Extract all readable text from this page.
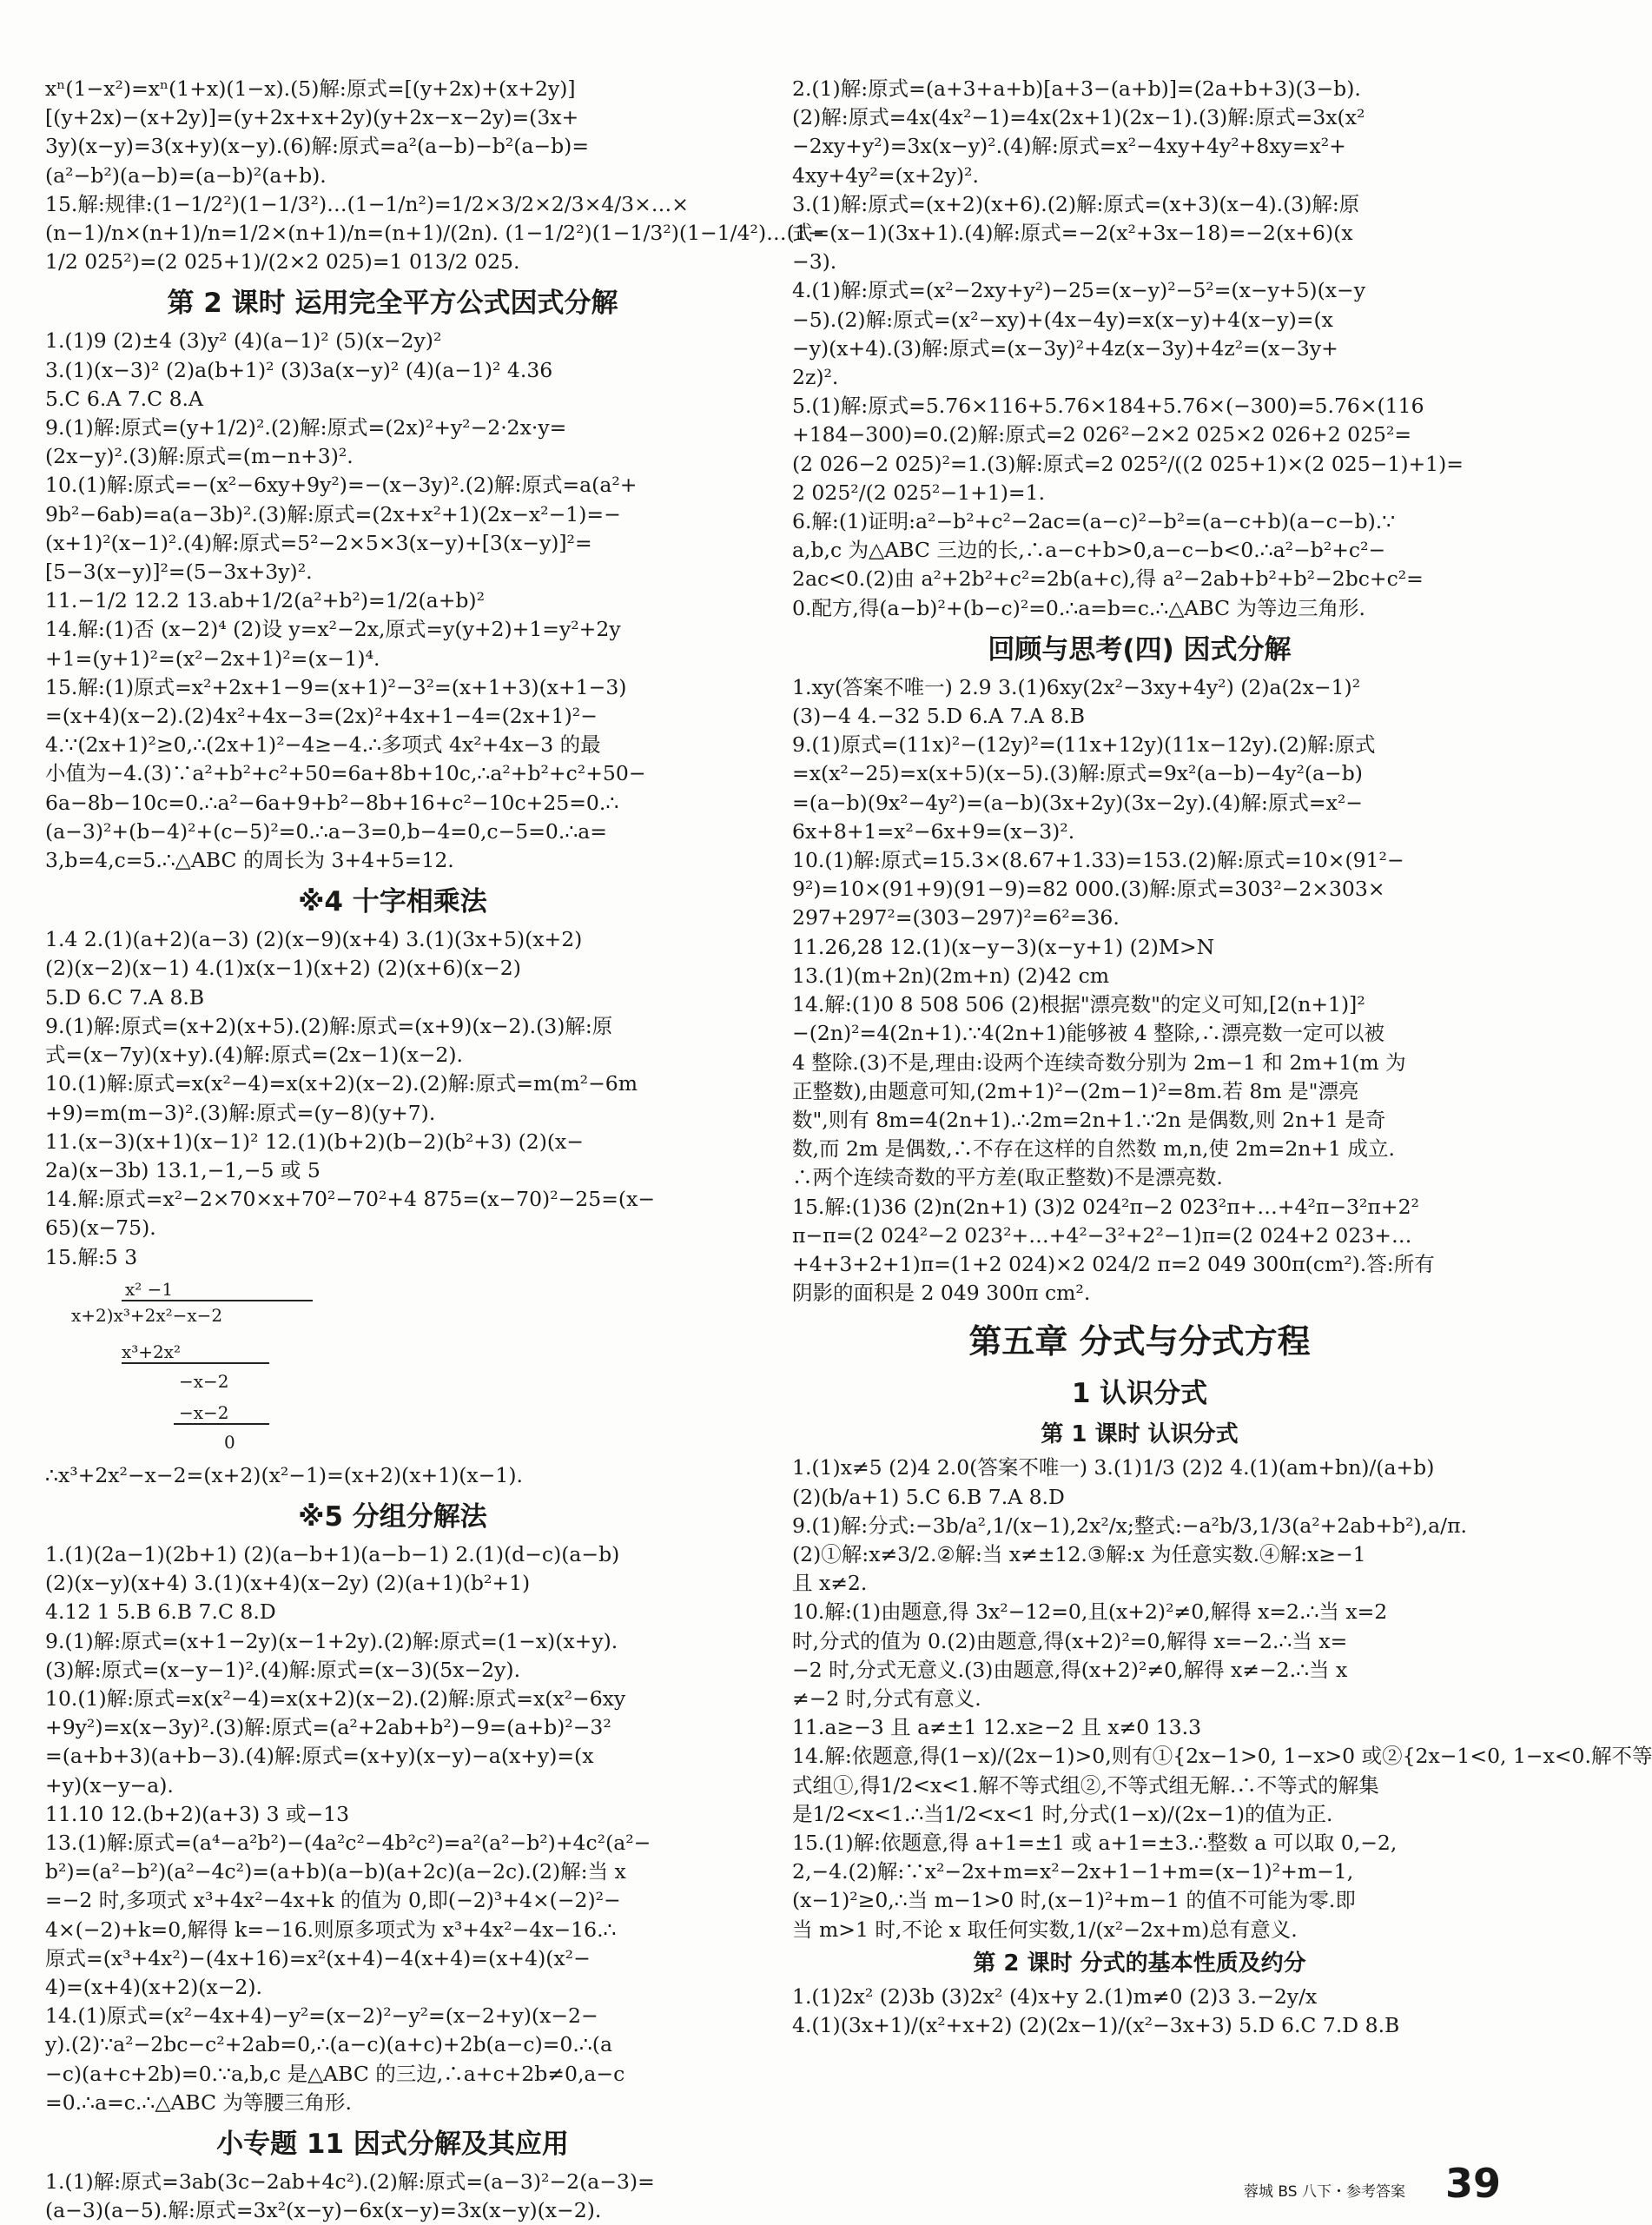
xⁿ(1−x²)=xⁿ(1+x)(1−x).(5)解:原式=[(y+2x)+(x+2y)]
[(y+2x)−(x+2y)]=(y+2x+x+2y)(y+2x−x−2y)=(3x+
3y)(x−y)=3(x+y)(x−y).(6)解:原式=a²(a−b)−b²(a−b)=
(a²−b²)(a−b)=(a−b)²(a+b).
15.解:规律:(1−1/2²)(1−1/3²)…(1−1/n²)=1/2×3/2×2/3×4/3×…×
(n−1)/n×(n+1)/n=1/2×(n+1)/n=(n+1)/(2n). (1−1/2²)(1−1/3²)(1−1/4²)…(1−
1/2 025²)=(2 025+1)/(2×2 025)=1 013/2 025.
第 2 课时 运用完全平方公式因式分解
1.(1)9 (2)±4 (3)y² (4)(a−1)² (5)(x−2y)²
3.(1)(x−3)² (2)a(b+1)² (3)3a(x−y)² (4)(a−1)² 4.36
5.C 6.A 7.C 8.A
9.(1)解:原式=(y+1/2)².(2)解:原式=(2x)²+y²−2·2x·y=
(2x−y)².(3)解:原式=(m−n+3)².
10.(1)解:原式=−(x²−6xy+9y²)=−(x−3y)².(2)解:原式=a(a²+
9b²−6ab)=a(a−3b)².(3)解:原式=(2x+x²+1)(2x−x²−1)=−
(x+1)²(x−1)².(4)解:原式=5²−2×5×3(x−y)+[3(x−y)]²=
[5−3(x−y)]²=(5−3x+3y)².
11.−1/2 12.2 13.ab+1/2(a²+b²)=1/2(a+b)²
14.解:(1)否 (x−2)⁴ (2)设 y=x²−2x,原式=y(y+2)+1=y²+2y
+1=(y+1)²=(x²−2x+1)²=(x−1)⁴.
15.解:(1)原式=x²+2x+1−9=(x+1)²−3²=(x+1+3)(x+1−3)
=(x+4)(x−2).(2)4x²+4x−3=(2x)²+4x+1−4=(2x+1)²−
4.∵(2x+1)²≥0,∴(2x+1)²−4≥−4.∴多项式 4x²+4x−3 的最
小值为−4.(3)∵a²+b²+c²+50=6a+8b+10c,∴a²+b²+c²+50−
6a−8b−10c=0.∴a²−6a+9+b²−8b+16+c²−10c+25=0.∴
(a−3)²+(b−4)²+(c−5)²=0.∴a−3=0,b−4=0,c−5=0.∴a=
3,b=4,c=5.∴△ABC 的周长为 3+4+5=12.
※4 十字相乘法
1.4 2.(1)(a+2)(a−3) (2)(x−9)(x+4) 3.(1)(3x+5)(x+2)
(2)(x−2)(x−1) 4.(1)x(x−1)(x+2) (2)(x+6)(x−2)
5.D 6.C 7.A 8.B
9.(1)解:原式=(x+2)(x+5).(2)解:原式=(x+9)(x−2).(3)解:原
式=(x−7y)(x+y).(4)解:原式=(2x−1)(x−2).
10.(1)解:原式=x(x²−4)=x(x+2)(x−2).(2)解:原式=m(m²−6m
+9)=m(m−3)².(3)解:原式=(y−8)(y+7).
11.(x−3)(x+1)(x−1)² 12.(1)(b+2)(b−2)(b²+3) (2)(x−
2a)(x−3b) 13.1,−1,−5 或 5
14.解:原式=x²−2×70×x+70²−70²+4 875=(x−70)²−25=(x−
65)(x−75).
15.解:5 3
x² −1
x+2)x³+2x²−x−2
x³+2x²
−x−2
−x−2
0
∴x³+2x²−x−2=(x+2)(x²−1)=(x+2)(x+1)(x−1).
※5 分组分解法
1.(1)(2a−1)(2b+1) (2)(a−b+1)(a−b−1) 2.(1)(d−c)(a−b)
(2)(x−y)(x+4) 3.(1)(x+4)(x−2y) (2)(a+1)(b²+1)
4.12 1 5.B 6.B 7.C 8.D
9.(1)解:原式=(x+1−2y)(x−1+2y).(2)解:原式=(1−x)(x+y).
(3)解:原式=(x−y−1)².(4)解:原式=(x−3)(5x−2y).
10.(1)解:原式=x(x²−4)=x(x+2)(x−2).(2)解:原式=x(x²−6xy
+9y²)=x(x−3y)².(3)解:原式=(a²+2ab+b²)−9=(a+b)²−3²
=(a+b+3)(a+b−3).(4)解:原式=(x+y)(x−y)−a(x+y)=(x
+y)(x−y−a).
11.10 12.(b+2)(a+3) 3 或−13
13.(1)解:原式=(a⁴−a²b²)−(4a²c²−4b²c²)=a²(a²−b²)+4c²(a²−
b²)=(a²−b²)(a²−4c²)=(a+b)(a−b)(a+2c)(a−2c).(2)解:当 x
=−2 时,多项式 x³+4x²−4x+k 的值为 0,即(−2)³+4×(−2)²−
4×(−2)+k=0,解得 k=−16.则原多项式为 x³+4x²−4x−16.∴
原式=(x³+4x²)−(4x+16)=x²(x+4)−4(x+4)=(x+4)(x²−
4)=(x+4)(x+2)(x−2).
14.(1)原式=(x²−4x+4)−y²=(x−2)²−y²=(x−2+y)(x−2−
y).(2)∵a²−2bc−c²+2ab=0,∴(a−c)(a+c)+2b(a−c)=0.∴(a
−c)(a+c+2b)=0.∵a,b,c 是△ABC 的三边,∴a+c+2b≠0,a−c
=0.∴a=c.∴△ABC 为等腰三角形.
小专题 11 因式分解及其应用
1.(1)解:原式=3ab(3c−2ab+4c²).(2)解:原式=(a−3)²−2(a−3)=
(a−3)(a−5).解:原式=3x²(x−y)−6x(x−y)=3x(x−y)(x−2).
2.(1)解:原式=(a+3+a+b)[a+3−(a+b)]=(2a+b+3)(3−b).
(2)解:原式=4x(4x²−1)=4x(2x+1)(2x−1).(3)解:原式=3x(x²
−2xy+y²)=3x(x−y)².(4)解:原式=x²−4xy+4y²+8xy=x²+
4xy+4y²=(x+2y)².
3.(1)解:原式=(x+2)(x+6).(2)解:原式=(x+3)(x−4).(3)解:原
式=(x−1)(3x+1).(4)解:原式=−2(x²+3x−18)=−2(x+6)(x
−3).
4.(1)解:原式=(x²−2xy+y²)−25=(x−y)²−5²=(x−y+5)(x−y
−5).(2)解:原式=(x²−xy)+(4x−4y)=x(x−y)+4(x−y)=(x
−y)(x+4).(3)解:原式=(x−3y)²+4z(x−3y)+4z²=(x−3y+
2z)².
5.(1)解:原式=5.76×116+5.76×184+5.76×(−300)=5.76×(116
+184−300)=0.(2)解:原式=2 026²−2×2 025×2 026+2 025²=
(2 026−2 025)²=1.(3)解:原式=2 025²/((2 025+1)×(2 025−1)+1)=
2 025²/(2 025²−1+1)=1.
6.解:(1)证明:a²−b²+c²−2ac=(a−c)²−b²=(a−c+b)(a−c−b).∵
a,b,c 为△ABC 三边的长,∴a−c+b>0,a−c−b<0.∴a²−b²+c²−
2ac<0.(2)由 a²+2b²+c²=2b(a+c),得 a²−2ab+b²+b²−2bc+c²=
0.配方,得(a−b)²+(b−c)²=0.∴a=b=c.∴△ABC 为等边三角形.
回顾与思考(四) 因式分解
1.xy(答案不唯一) 2.9 3.(1)6xy(2x²−3xy+4y²) (2)a(2x−1)²
(3)−4 4.−32 5.D 6.A 7.A 8.B
9.(1)原式=(11x)²−(12y)²=(11x+12y)(11x−12y).(2)解:原式
=x(x²−25)=x(x+5)(x−5).(3)解:原式=9x²(a−b)−4y²(a−b)
=(a−b)(9x²−4y²)=(a−b)(3x+2y)(3x−2y).(4)解:原式=x²−
6x+8+1=x²−6x+9=(x−3)².
10.(1)解:原式=15.3×(8.67+1.33)=153.(2)解:原式=10×(91²−
9²)=10×(91+9)(91−9)=82 000.(3)解:原式=303²−2×303×
297+297²=(303−297)²=6²=36.
11.26,28 12.(1)(x−y−3)(x−y+1) (2)M>N
13.(1)(m+2n)(2m+n) (2)42 cm
14.解:(1)0 8 508 506 (2)根据"漂亮数"的定义可知,[2(n+1)]²
−(2n)²=4(2n+1).∵4(2n+1)能够被 4 整除,∴漂亮数一定可以被
4 整除.(3)不是,理由:设两个连续奇数分别为 2m−1 和 2m+1(m 为
正整数),由题意可知,(2m+1)²−(2m−1)²=8m.若 8m 是"漂亮
数",则有 8m=4(2n+1).∴2m=2n+1.∵2n 是偶数,则 2n+1 是奇
数,而 2m 是偶数,∴不存在这样的自然数 m,n,使 2m=2n+1 成立.
∴两个连续奇数的平方差(取正整数)不是漂亮数.
15.解:(1)36 (2)n(2n+1) (3)2 024²π−2 023²π+…+4²π−3²π+2²
π−π=(2 024²−2 023²+…+4²−3²+2²−1)π=(2 024+2 023+…
+4+3+2+1)π=(1+2 024)×2 024/2 π=2 049 300π(cm²).答:所有
阴影的面积是 2 049 300π cm².
第五章 分式与分式方程
1 认识分式
第 1 课时 认识分式
1.(1)x≠5 (2)4 2.0(答案不唯一) 3.(1)1/3 (2)2 4.(1)(am+bn)/(a+b)
(2)(b/a+1) 5.C 6.B 7.A 8.D
9.(1)解:分式:−3b/a²,1/(x−1),2x²/x;整式:−a²b/3,1/3(a²+2ab+b²),a/π.
(2)①解:x≠3/2.②解:当 x≠±12.③解:x 为任意实数.④解:x≥−1
且 x≠2.
10.解:(1)由题意,得 3x²−12=0,且(x+2)²≠0,解得 x=2.∴当 x=2
时,分式的值为 0.(2)由题意,得(x+2)²=0,解得 x=−2.∴当 x=
−2 时,分式无意义.(3)由题意,得(x+2)²≠0,解得 x≠−2.∴当 x
≠−2 时,分式有意义.
11.a≥−3 且 a≠±1 12.x≥−2 且 x≠0 13.3
14.解:依题意,得(1−x)/(2x−1)>0,则有①{2x−1>0, 1−x>0 或②{2x−1<0, 1−x<0.解不等
式组①,得1/2<x<1.解不等式组②,不等式组无解.∴不等式的解集
是1/2<x<1.∴当1/2<x<1 时,分式(1−x)/(2x−1)的值为正.
15.(1)解:依题意,得 a+1=±1 或 a+1=±3.∴整数 a 可以取 0,−2,
2,−4.(2)解:∵x²−2x+m=x²−2x+1−1+m=(x−1)²+m−1,
(x−1)²≥0,∴当 m−1>0 时,(x−1)²+m−1 的值不可能为零.即
当 m>1 时,不论 x 取任何实数,1/(x²−2x+m)总有意义.
第 2 课时 分式的基本性质及约分
1.(1)2x² (2)3b (3)2x² (4)x+y 2.(1)m≠0 (2)3 3.−2y/x
4.(1)(3x+1)/(x²+x+2) (2)(2x−1)/(x²−3x+3) 5.D 6.C 7.D 8.B
蓉城 BS 八下・参考答案 39
